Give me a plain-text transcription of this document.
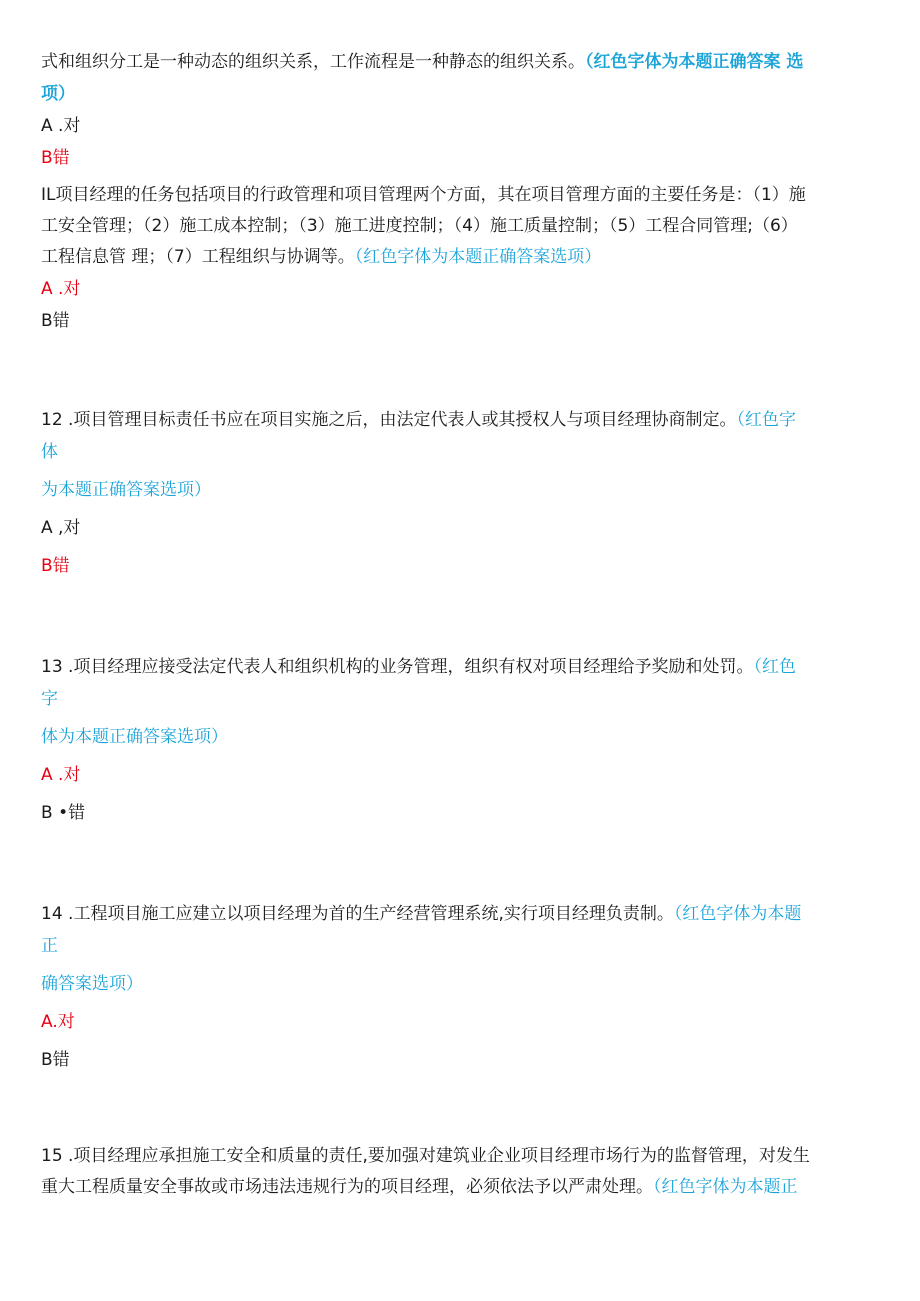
式和组织分工是一种动态的组织关系，工作流程是一种静态的组织关系。（红色字体为本题正确答案 选
项）
A .对
B错
IL项目经理的任务包括项目的行政管理和项目管理两个方面，其在项目管理方面的主要任务是：（1）施
工安全管理；（2）施工成本控制；（3）施工进度控制；（4）施工质量控制；（5）工程合同管理;（6）
工程信息管 理；（7）工程组织与协调等。（红色字体为本题正确答案选项）
A .对
B错
12 .项目管理目标责任书应在项目实施之后，由法定代表人或其授权人与项目经理协商制定。（红色字
体
为本题正确答案选项）
A ,对
B错
13 .项目经理应接受法定代表人和组织机构的业务管理，组织有权对项目经理给予奖励和处罚。（红色
字
体为本题正确答案选项）
A .对
B •错
14 .工程项目施工应建立以项目经理为首的生产经营管理系统,实行项目经理负责制。（红色字体为本题
正
确答案选项）
A.对
B错
15 .项目经理应承担施工安全和质量的责任,要加强对建筑业企业项目经理市场行为的监督管理，对发生
重大工程质量安全事故或市场违法违规行为的项目经理，必须依法予以严肃处理。（红色字体为本题正
